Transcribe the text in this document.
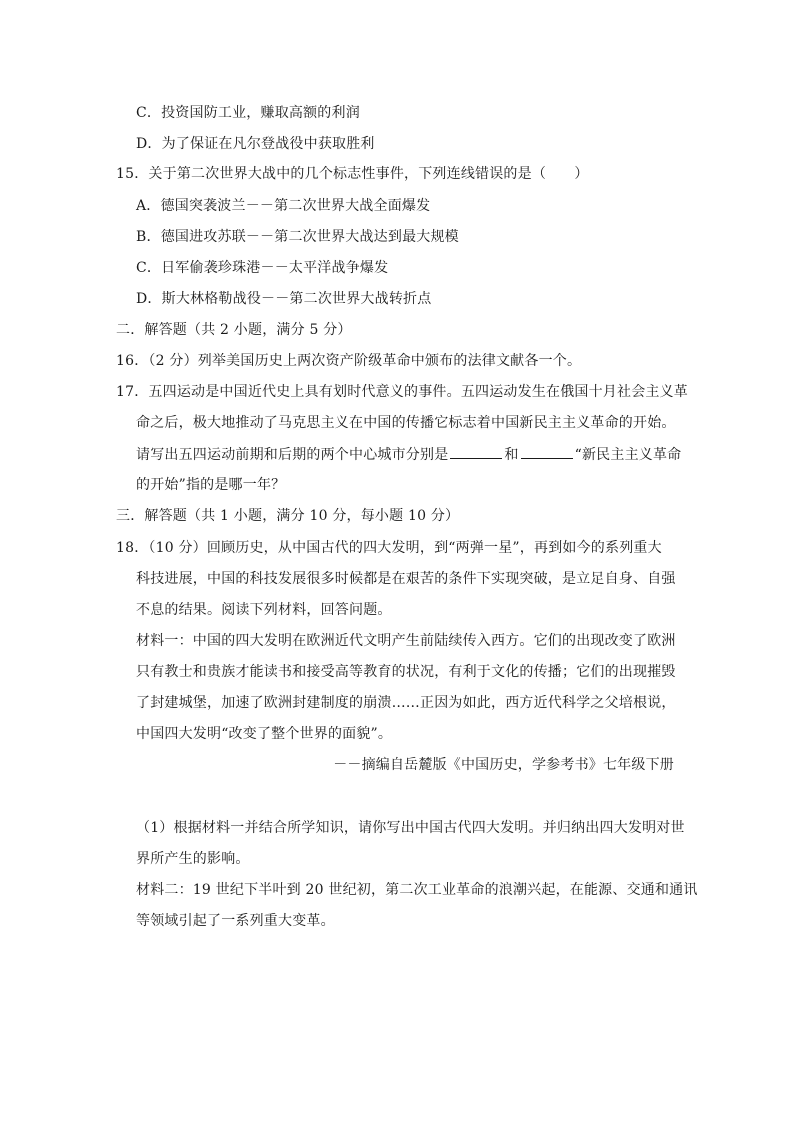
C．投资国防工业，赚取高额的利润
D．为了保证在凡尔登战役中获取胜利
15．关于第二次世界大战中的几个标志性事件，下列连线错误的是（　　）
A．德国突袭波兰－－第二次世界大战全面爆发
B．德国进攻苏联－－第二次世界大战达到最大规模
C．日军偷袭珍珠港－－太平洋战争爆发
D．斯大林格勒战役－－第二次世界大战转折点
二．解答题（共 2 小题，满分 5 分）
16．（2 分）列举美国历史上两次资产阶级革命中颁布的法律文献各一个。
17．五四运动是中国近代史上具有划时代意义的事件。五四运动发生在俄国十月社会主义革
命之后，极大地推动了马克思主义在中国的传播它标志着中国新民主主义革命的开始。
请写出五四运动前期和后期的两个中心城市分别是	和	“新民主主义革命
的开始”指的是哪一年？
三．解答题（共 1 小题，满分 10 分，每小题 10 分）
18．（10 分）回顾历史，从中国古代的四大发明，到“两弹一星”，再到如今的系列重大
科技进展，中国的科技发展很多时候都是在艰苦的条件下实现突破，是立足自身、自强
不息的结果。阅读下列材料，回答问题。
材料一：中国的四大发明在欧洲近代文明产生前陆续传入西方。它们的出现改变了欧洲
只有教士和贵族才能读书和接受高等教育的状况，有利于文化的传播；它们的出现摧毁
了封建城堡，加速了欧洲封建制度的崩溃……正因为如此，西方近代科学之父培根说，
中国四大发明“改变了整个世界的面貌”。
－－摘编自岳麓版《中国历史，学参考书》七年级下册
（1）根据材料一并结合所学知识，请你写出中国古代四大发明。并归纳出四大发明对世
界所产生的影响。
材料二：19 世纪下半叶到 20 世纪初，第二次工业革命的浪潮兴起，在能源、交通和通讯
等领域引起了一系列重大变革。
